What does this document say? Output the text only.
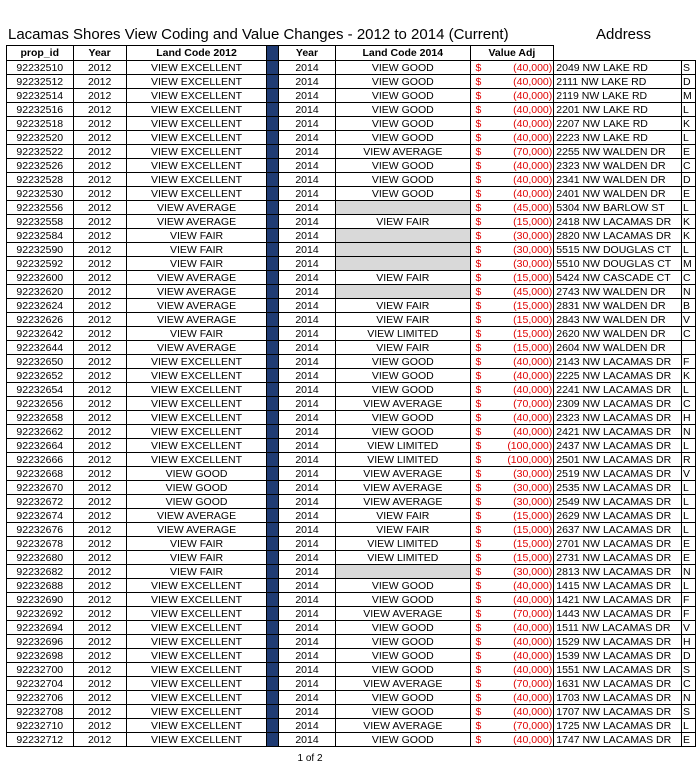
Lacamas Shores View Coding and Value Changes - 2012 to 2014 (Current)	Address
prop_id	Year	Land Code 2012		Year	Land Code 2014	Value Adj			
92232510	2012	VIEW EXCELLENT		2014	VIEW GOOD	$	(40,000)	2049 NW LAKE RD	S
92232512	2012	VIEW EXCELLENT		2014	VIEW GOOD	$	(40,000)	2111 NW LAKE RD	D
92232514	2012	VIEW EXCELLENT		2014	VIEW GOOD	$	(40,000)	2119 NW LAKE RD	M
92232516	2012	VIEW EXCELLENT		2014	VIEW GOOD	$	(40,000)	2201 NW LAKE RD	L
92232518	2012	VIEW EXCELLENT		2014	VIEW GOOD	$	(40,000)	2207 NW LAKE RD	K
92232520	2012	VIEW EXCELLENT		2014	VIEW GOOD	$	(40,000)	2223 NW LAKE RD	L
92232522	2012	VIEW EXCELLENT		2014	VIEW AVERAGE	$	(70,000)	2255 NW WALDEN DR	E
92232526	2012	VIEW EXCELLENT		2014	VIEW GOOD	$	(40,000)	2323 NW WALDEN DR	C
92232528	2012	VIEW EXCELLENT		2014	VIEW GOOD	$	(40,000)	2341 NW WALDEN DR	D
92232530	2012	VIEW EXCELLENT		2014	VIEW GOOD	$	(40,000)	2401 NW WALDEN DR	E
92232556	2012	VIEW AVERAGE		2014		$	(45,000)	5304 NW BARLOW ST	L
92232558	2012	VIEW AVERAGE		2014	VIEW FAIR	$	(15,000)	2418 NW LACAMAS DR	K
92232584	2012	VIEW FAIR		2014		$	(30,000)	2820 NW LACAMAS DR	K
92232590	2012	VIEW FAIR		2014		$	(30,000)	5515 NW DOUGLAS CT	L
92232592	2012	VIEW FAIR		2014		$	(30,000)	5510 NW DOUGLAS CT	M
92232600	2012	VIEW AVERAGE		2014	VIEW FAIR	$	(15,000)	5424 NW CASCADE CT	C
92232620	2012	VIEW AVERAGE		2014		$	(45,000)	2743 NW WALDEN DR	N
92232624	2012	VIEW AVERAGE		2014	VIEW FAIR	$	(15,000)	2831 NW WALDEN DR	B
92232626	2012	VIEW AVERAGE		2014	VIEW FAIR	$	(15,000)	2843 NW WALDEN DR	V
92232642	2012	VIEW FAIR		2014	VIEW LIMITED	$	(15,000)	2620 NW WALDEN DR	C
92232644	2012	VIEW AVERAGE		2014	VIEW FAIR	$	(15,000)	2604 NW WALDEN DR	
92232650	2012	VIEW EXCELLENT		2014	VIEW GOOD	$	(40,000)	2143 NW LACAMAS DR	F
92232652	2012	VIEW EXCELLENT		2014	VIEW GOOD	$	(40,000)	2225 NW LACAMAS DR	K
92232654	2012	VIEW EXCELLENT		2014	VIEW GOOD	$	(40,000)	2241 NW LACAMAS DR	L
92232656	2012	VIEW EXCELLENT		2014	VIEW AVERAGE	$	(70,000)	2309 NW LACAMAS DR	C
92232658	2012	VIEW EXCELLENT		2014	VIEW GOOD	$	(40,000)	2323 NW LACAMAS DR	H
92232662	2012	VIEW EXCELLENT		2014	VIEW GOOD	$	(40,000)	2421 NW LACAMAS DR	N
92232664	2012	VIEW EXCELLENT		2014	VIEW LIMITED	$	(100,000)	2437 NW LACAMAS DR	L
92232666	2012	VIEW EXCELLENT		2014	VIEW LIMITED	$	(100,000)	2501 NW LACAMAS DR	R
92232668	2012	VIEW GOOD		2014	VIEW AVERAGE	$	(30,000)	2519 NW LACAMAS DR	V
92232670	2012	VIEW GOOD		2014	VIEW AVERAGE	$	(30,000)	2535 NW LACAMAS DR	L
92232672	2012	VIEW GOOD		2014	VIEW AVERAGE	$	(30,000)	2549 NW LACAMAS DR	L
92232674	2012	VIEW AVERAGE		2014	VIEW FAIR	$	(15,000)	2629 NW LACAMAS DR	L
92232676	2012	VIEW AVERAGE		2014	VIEW FAIR	$	(15,000)	2637 NW LACAMAS DR	L
92232678	2012	VIEW FAIR		2014	VIEW LIMITED	$	(15,000)	2701 NW LACAMAS DR	E
92232680	2012	VIEW FAIR		2014	VIEW LIMITED	$	(15,000)	2731 NW LACAMAS DR	E
92232682	2012	VIEW FAIR		2014		$	(30,000)	2813 NW LACAMAS DR	N
92232688	2012	VIEW EXCELLENT		2014	VIEW GOOD	$	(40,000)	1415 NW LACAMAS DR	L
92232690	2012	VIEW EXCELLENT		2014	VIEW GOOD	$	(40,000)	1421 NW LACAMAS DR	F
92232692	2012	VIEW EXCELLENT		2014	VIEW AVERAGE	$	(70,000)	1443 NW LACAMAS DR	F
92232694	2012	VIEW EXCELLENT		2014	VIEW GOOD	$	(40,000)	1511 NW LACAMAS DR	V
92232696	2012	VIEW EXCELLENT		2014	VIEW GOOD	$	(40,000)	1529 NW LACAMAS DR	H
92232698	2012	VIEW EXCELLENT		2014	VIEW GOOD	$	(40,000)	1539 NW LACAMAS DR	D
92232700	2012	VIEW EXCELLENT		2014	VIEW GOOD	$	(40,000)	1551 NW LACAMAS DR	S
92232704	2012	VIEW EXCELLENT		2014	VIEW AVERAGE	$	(70,000)	1631 NW LACAMAS DR	C
92232706	2012	VIEW EXCELLENT		2014	VIEW GOOD	$	(40,000)	1703 NW LACAMAS DR	N
92232708	2012	VIEW EXCELLENT		2014	VIEW GOOD	$	(40,000)	1707 NW LACAMAS DR	S
92232710	2012	VIEW EXCELLENT		2014	VIEW AVERAGE	$	(70,000)	1725 NW LACAMAS DR	L
92232712	2012	VIEW EXCELLENT		2014	VIEW GOOD	$	(40,000)	1747 NW LACAMAS DR	E
1 of 2
